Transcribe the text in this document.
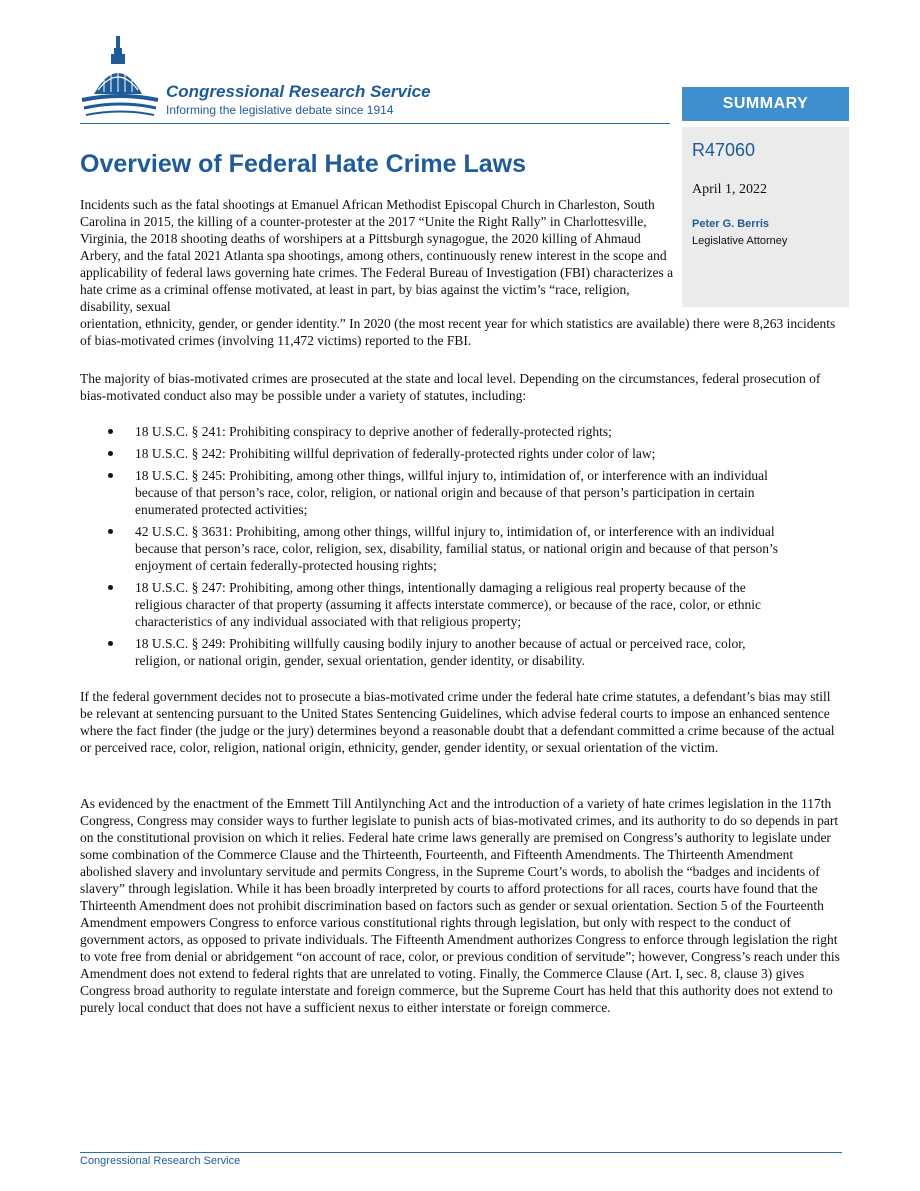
Congressional Research Service
Informing the legislative debate since 1914	SUMMARY
R47060
April 1, 2022
Peter G. Berris
Legislative Attorney
Overview of Federal Hate Crime Laws

Incidents such as the fatal shootings at Emanuel African Methodist Episcopal Church in Charleston, South Carolina in 2015, the killing of a counter-protester at the 2017 “Unite the Right Rally” in Charlottesville, Virginia, the 2018 shooting deaths of worshipers at a Pittsburgh synagogue, the 2020 killing of Ahmaud Arbery, and the fatal 2021 Atlanta spa shootings, among others, continuously renew interest in the scope and applicability of federal laws governing hate crimes. The Federal Bureau of Investigation (FBI) characterizes a hate crime as a criminal offense motivated, at least in part, by bias against the victim’s “race, religion, disability, sexual

orientation, ethnicity, gender, or gender identity.” In 2020 (the most recent year for which statistics are available) there were 8,263 incidents of bias-motivated crimes (involving 11,472 victims) reported to the FBI.

The majority of bias-motivated crimes are prosecuted at the state and local level. Depending on the circumstances, federal prosecution of bias-motivated conduct also may be possible under a variety of statutes, including:

18 U.S.C. § 241: Prohibiting conspiracy to deprive another of federally-protected rights;
18 U.S.C. § 242: Prohibiting willful deprivation of federally-protected rights under color of law;
18 U.S.C. § 245: Prohibiting, among other things, willful injury to, intimidation of, or interference with an individual because of that person’s race, color, religion, or national origin and because of that person’s participation in certain enumerated protected activities;
42 U.S.C. § 3631: Prohibiting, among other things, willful injury to, intimidation of, or interference with an individual because that person’s race, color, religion, sex, disability, familial status, or national origin and because of that person’s enjoyment of certain federally-protected housing rights;
18 U.S.C. § 247: Prohibiting, among other things, intentionally damaging a religious real property because of the religious character of that property (assuming it affects interstate commerce), or because of the race, color, or ethnic characteristics of any individual associated with that religious property;
18 U.S.C. § 249: Prohibiting willfully causing bodily injury to another because of actual or perceived race, color, religion, or national origin, gender, sexual orientation, gender identity, or disability.

If the federal government decides not to prosecute a bias-motivated crime under the federal hate crime statutes, a defendant’s bias may still be relevant at sentencing pursuant to the United States Sentencing Guidelines, which advise federal courts to impose an enhanced sentence where the fact finder (the judge or the jury) determines beyond a reasonable doubt that a defendant committed a crime because of the actual or perceived race, color, religion, national origin, ethnicity, gender, gender identity, or sexual orientation of the victim.

As evidenced by the enactment of the Emmett Till Antilynching Act and the introduction of a variety of hate crimes legislation in the 117th Congress, Congress may consider ways to further legislate to punish acts of bias-motivated crimes, and its authority to do so depends in part on the constitutional provision on which it relies. Federal hate crime laws generally are premised on Congress’s authority to legislate under some combination of the Commerce Clause and the Thirteenth, Fourteenth, and Fifteenth Amendments. The Thirteenth Amendment abolished slavery and involuntary servitude and permits Congress, in the Supreme Court’s words, to abolish the “badges and incidents of slavery” through legislation. While it has been broadly interpreted by courts to afford protections for all races, courts have found that the Thirteenth Amendment does not prohibit discrimination based on factors such as gender or sexual orientation. Section 5 of the Fourteenth Amendment empowers Congress to enforce various constitutional rights through legislation, but only with respect to the conduct of government actors, as opposed to private individuals. The Fifteenth Amendment authorizes Congress to enforce through legislation the right to vote free from denial or abridgement “on account of race, color, or previous condition of servitude”; however, Congress’s reach under this Amendment does not extend to federal rights that are unrelated to voting. Finally, the Commerce Clause (Art. I, sec. 8, clause 3) gives Congress broad authority to regulate interstate and foreign commerce, but the Supreme Court has held that this authority does not extend to purely local conduct that does not have a sufficient nexus to either interstate or foreign commerce.

Congressional Research Service
